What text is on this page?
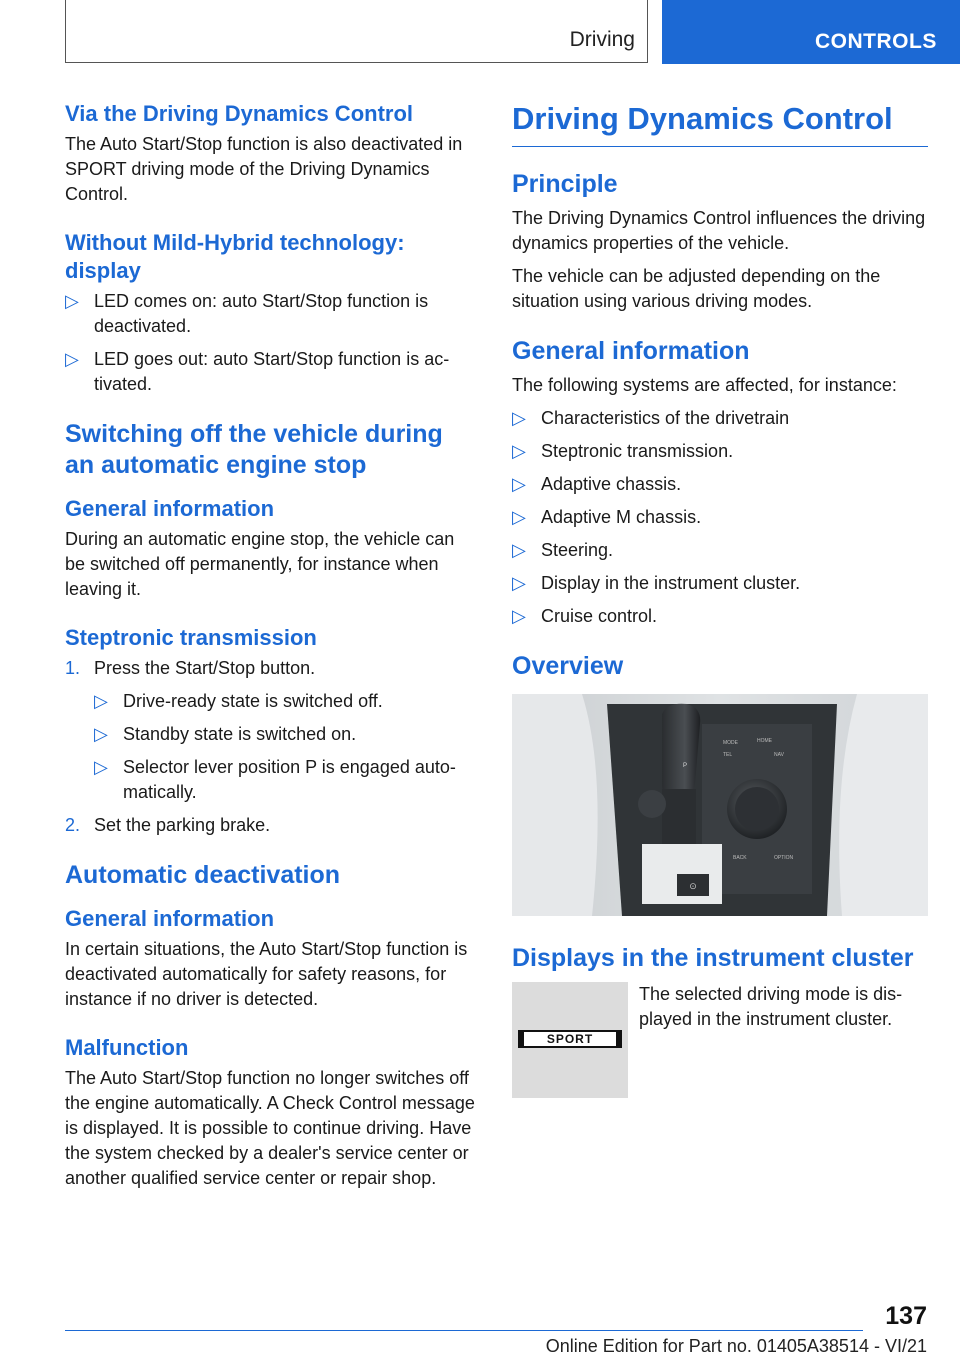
Driving	CONTROLS
Via the Driving Dynamics Control

The Auto Start/Stop function is also deactivated in SPORT driving mode of the Driving Dynamics Control.

Without Mild-Hybrid technology: display
▷ LED comes on: auto Start/Stop function is deactivated.
▷ LED goes out: auto Start/Stop function is ac-tivated.
Switching off the vehicle during an automatic engine stop
General information

During an automatic engine stop, the vehicle can be switched off permanently, for instance when leaving it.

Steptronic transmission
1. Press the Start/Stop button.
▷ Drive-ready state is switched off.
▷ Standby state is switched on.
▷ Selector lever position P is engaged auto-matically.
2. Set the parking brake.
Automatic deactivation
General information

In certain situations, the Auto Start/Stop function is deactivated automatically for safety reasons, for instance if no driver is detected.

Malfunction

The Auto Start/Stop function no longer switches off the engine automatically. A Check Control message is displayed. It is possible to continue driving. Have the system checked by a dealer's service center or another qualified service center or repair shop.

Driving Dynamics Control
Principle

The Driving Dynamics Control influences the driving dynamics properties of the vehicle.

The vehicle can be adjusted depending on the situation using various driving modes.

General information

The following systems are affected, for instance:

▷ Characteristics of the drivetrain
▷ Steptronic transmission.
▷ Adaptive chassis.
▷ Adaptive M chassis.
▷ Steering.
▷ Display in the instrument cluster.
▷ Cruise control.
Overview
⊙
MODE	HOME
TEL	NAV
BACK	OPTION
P
Displays in the instrument cluster
SPORT
The selected driving mode is dis-played in the instrument cluster.
137
Online Edition for Part no. 01405A38514 - VI/21
